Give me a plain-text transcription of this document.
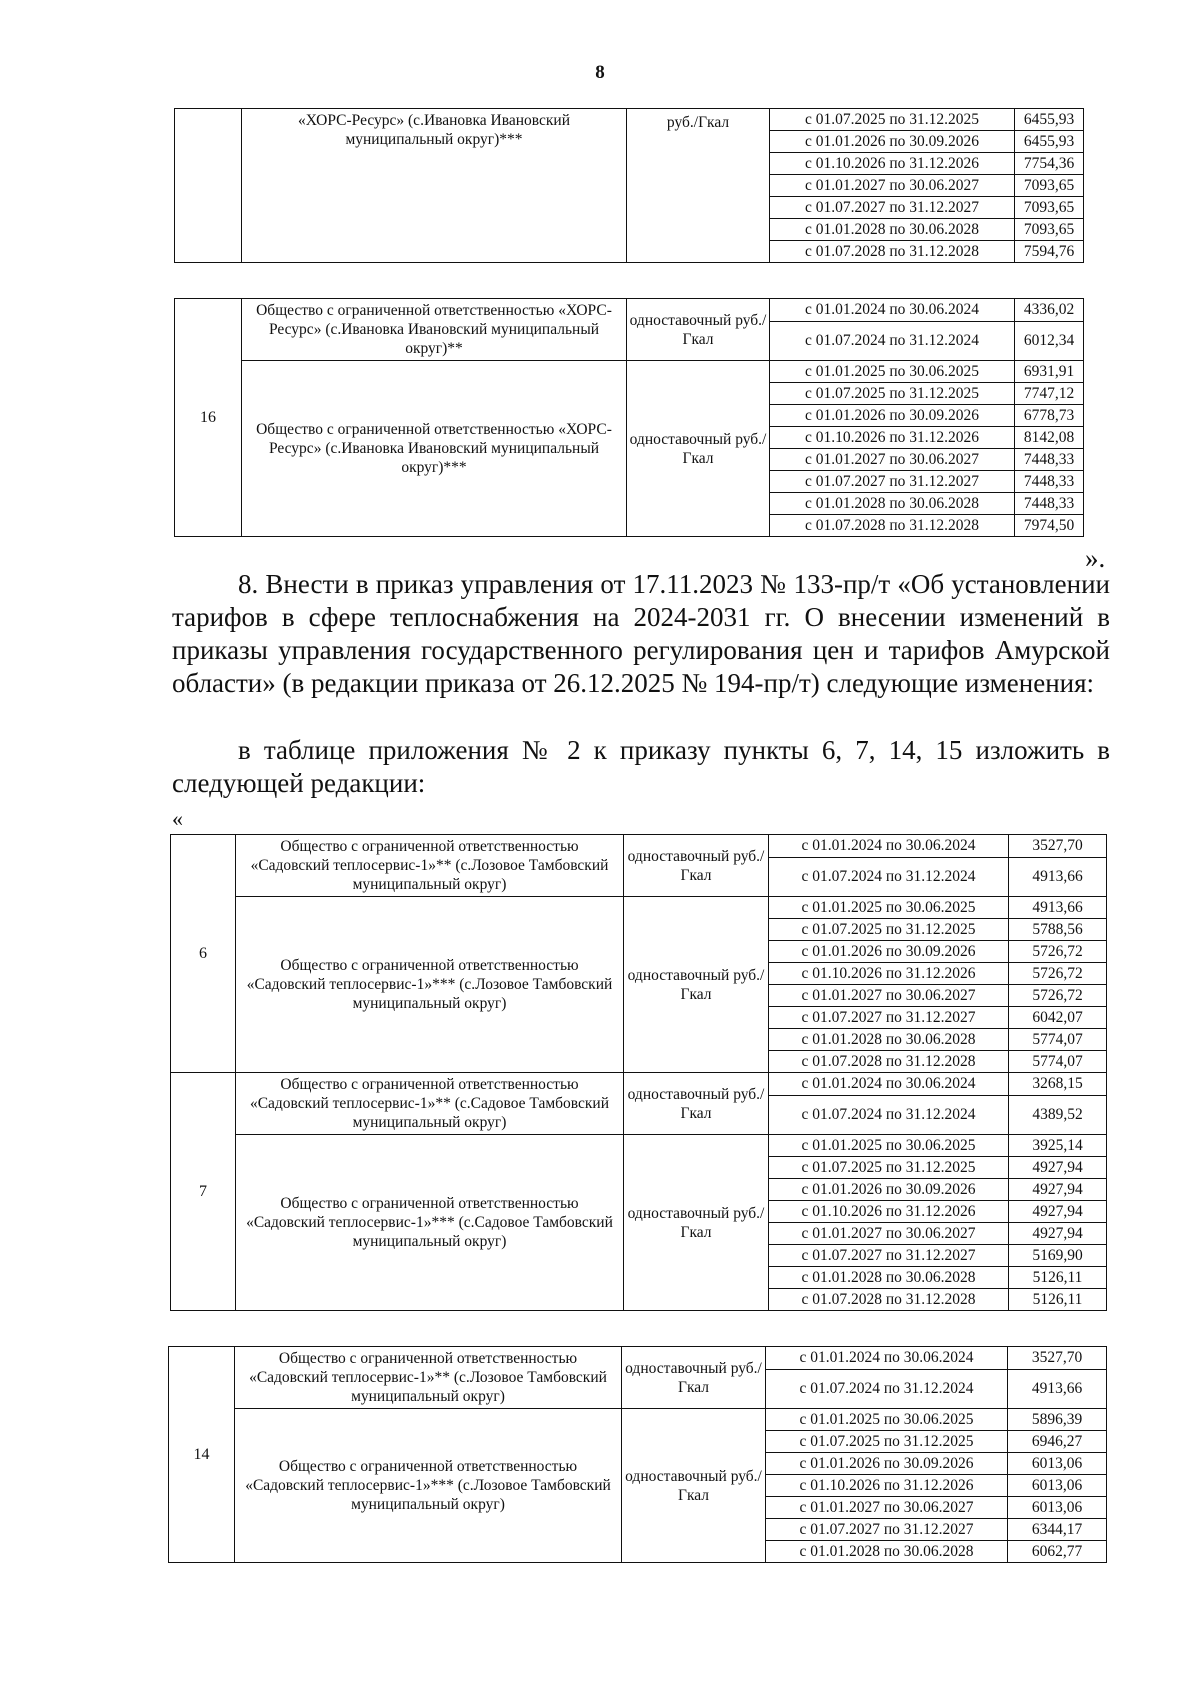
8
	«ХОРС-Ресурс» (с.Ивановка Ивановский муниципальный округ)***	руб./Гкал	с 01.07.2025 по 31.12.2025	6455,93
			с 01.01.2026 по 30.09.2026	6455,93
			с 01.10.2026 по 31.12.2026	7754,36
			с 01.01.2027 по 30.06.2027	7093,65
			с 01.07.2027 по 31.12.2027	7093,65
			с 01.01.2028 по 30.06.2028	7093,65
			с 01.07.2028 по 31.12.2028	7594,76
16	Общество с ограниченной ответственностью «ХОРС-Ресурс» (с.Ивановка Ивановский муниципальный округ)**	одноставочный руб./Гкал	с 01.01.2024 по 30.06.2024	4336,02
			с 01.07.2024 по 31.12.2024	6012,34
	Общество с ограниченной ответственностью «ХОРС-Ресурс» (с.Ивановка Ивановский муниципальный округ)***	одноставочный руб./Гкал	с 01.01.2025 по 30.06.2025	6931,91
			с 01.07.2025 по 31.12.2025	7747,12
			с 01.01.2026 по 30.09.2026	6778,73
			с 01.10.2026 по 31.12.2026	8142,08
			с 01.01.2027 по 30.06.2027	7448,33
			с 01.07.2027 по 31.12.2027	7448,33
			с 01.01.2028 по 30.06.2028	7448,33
			с 01.07.2028 по 31.12.2028	7974,50
».

8. Внести в приказ управления от 17.11.2023 № 133-пр/т «Об установлении тарифов в сфере теплоснабжения на 2024-2031 гг. О внесении изменений в приказы управления государственного регулирования цен и тарифов Амурской области» (в редакции приказа от 26.12.2025 № 194-пр/т) следующие изменения:

в таблице приложения № 2 к приказу пункты 6, 7, 14, 15 изложить в следующей редакции:

«
6	Общество с ограниченной ответственностью «Садовский теплосервис-1»** (с.Лозовое Тамбовский муниципальный округ)	одноставочный руб./Гкал	с 01.01.2024 по 30.06.2024	3527,70
			с 01.07.2024 по 31.12.2024	4913,66
	Общество с ограниченной ответственностью «Садовский теплосервис-1»*** (с.Лозовое Тамбовский муниципальный округ)	одноставочный руб./Гкал	с 01.01.2025 по 30.06.2025	4913,66
			с 01.07.2025 по 31.12.2025	5788,56
			с 01.01.2026 по 30.09.2026	5726,72
			с 01.10.2026 по 31.12.2026	5726,72
			с 01.01.2027 по 30.06.2027	5726,72
			с 01.07.2027 по 31.12.2027	6042,07
			с 01.01.2028 по 30.06.2028	5774,07
			с 01.07.2028 по 31.12.2028	5774,07
7	Общество с ограниченной ответственностью «Садовский теплосервис-1»** (с.Садовое Тамбовский муниципальный округ)	одноставочный руб./Гкал	с 01.01.2024 по 30.06.2024	3268,15
			с 01.07.2024 по 31.12.2024	4389,52
	Общество с ограниченной ответственностью «Садовский теплосервис-1»*** (с.Садовое Тамбовский муниципальный округ)	одноставочный руб./Гкал	с 01.01.2025 по 30.06.2025	3925,14
			с 01.07.2025 по 31.12.2025	4927,94
			с 01.01.2026 по 30.09.2026	4927,94
			с 01.10.2026 по 31.12.2026	4927,94
			с 01.01.2027 по 30.06.2027	4927,94
			с 01.07.2027 по 31.12.2027	5169,90
			с 01.01.2028 по 30.06.2028	5126,11
			с 01.07.2028 по 31.12.2028	5126,11
14	Общество с ограниченной ответственностью «Садовский теплосервис-1»** (с.Лозовое Тамбовский муниципальный округ)	одноставочный руб./Гкал	с 01.01.2024 по 30.06.2024	3527,70
			с 01.07.2024 по 31.12.2024	4913,66
	Общество с ограниченной ответственностью «Садовский теплосервис-1»*** (с.Лозовое Тамбовский муниципальный округ)	одноставочный руб./Гкал	с 01.01.2025 по 30.06.2025	5896,39
			с 01.07.2025 по 31.12.2025	6946,27
			с 01.01.2026 по 30.09.2026	6013,06
			с 01.10.2026 по 31.12.2026	6013,06
			с 01.01.2027 по 30.06.2027	6013,06
			с 01.07.2027 по 31.12.2027	6344,17
			с 01.01.2028 по 30.06.2028	6062,77
